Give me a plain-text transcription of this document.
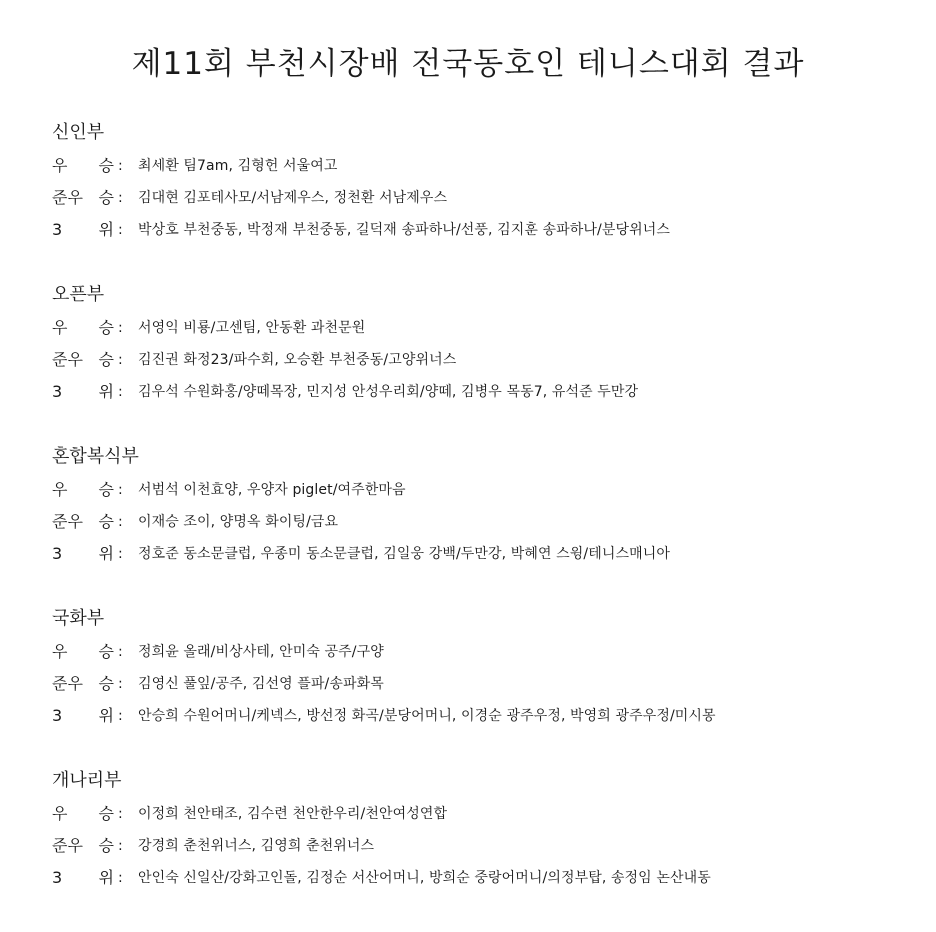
제11회 부천시장배 전국동호인 테니스대회 결과
신인부
우 승 :	최세환 팀7am, 김형헌 서울여고
준우 승 :	김대현 김포테사모/서남제우스, 정천환 서남제우스
3 위 :	박상호 부천중동, 박정재 부천중동, 길덕재 송파하나/선풍, 김지훈 송파하나/분당위너스
오픈부
우 승 :	서영익 비룡/고센팀, 안동환 과천문원
준우 승 :	김진권 화정23/파수회, 오승환 부천중동/고양위너스
3 위 :	김우석 수원화홍/양떼목장, 민지성 안성우리회/양떼, 김병우 목동7, 유석준 두만강
혼합복식부
우 승 :	서범석 이천효양, 우양자 piglet/여주한마음
준우 승 :	이재승 조이, 양명옥 화이팅/금요
3 위 :	정호준 동소문클럽, 우종미 동소문클럽, 김일웅 강백/두만강, 박혜연 스윙/테니스매니아
국화부
우 승 :	정희윤 올래/비상사테, 안미숙 공주/구양
준우 승 :	김영신 풀잎/공주, 김선영 플파/송파화목
3 위 :	안승희 수원어머니/케넥스, 방선정 화곡/분당어머니, 이경순 광주우정, 박영희 광주우정/미시몽
개나리부
우 승 :	이정희 천안태조, 김수련 천안한우리/천안여성연합
준우 승 :	강경희 춘천위너스, 김영희 춘천위너스
3 위 :	안인숙 신일산/강화고인돌, 김정순 서산어머니, 방희순 중랑어머니/의정부탑, 송정임 논산내동
